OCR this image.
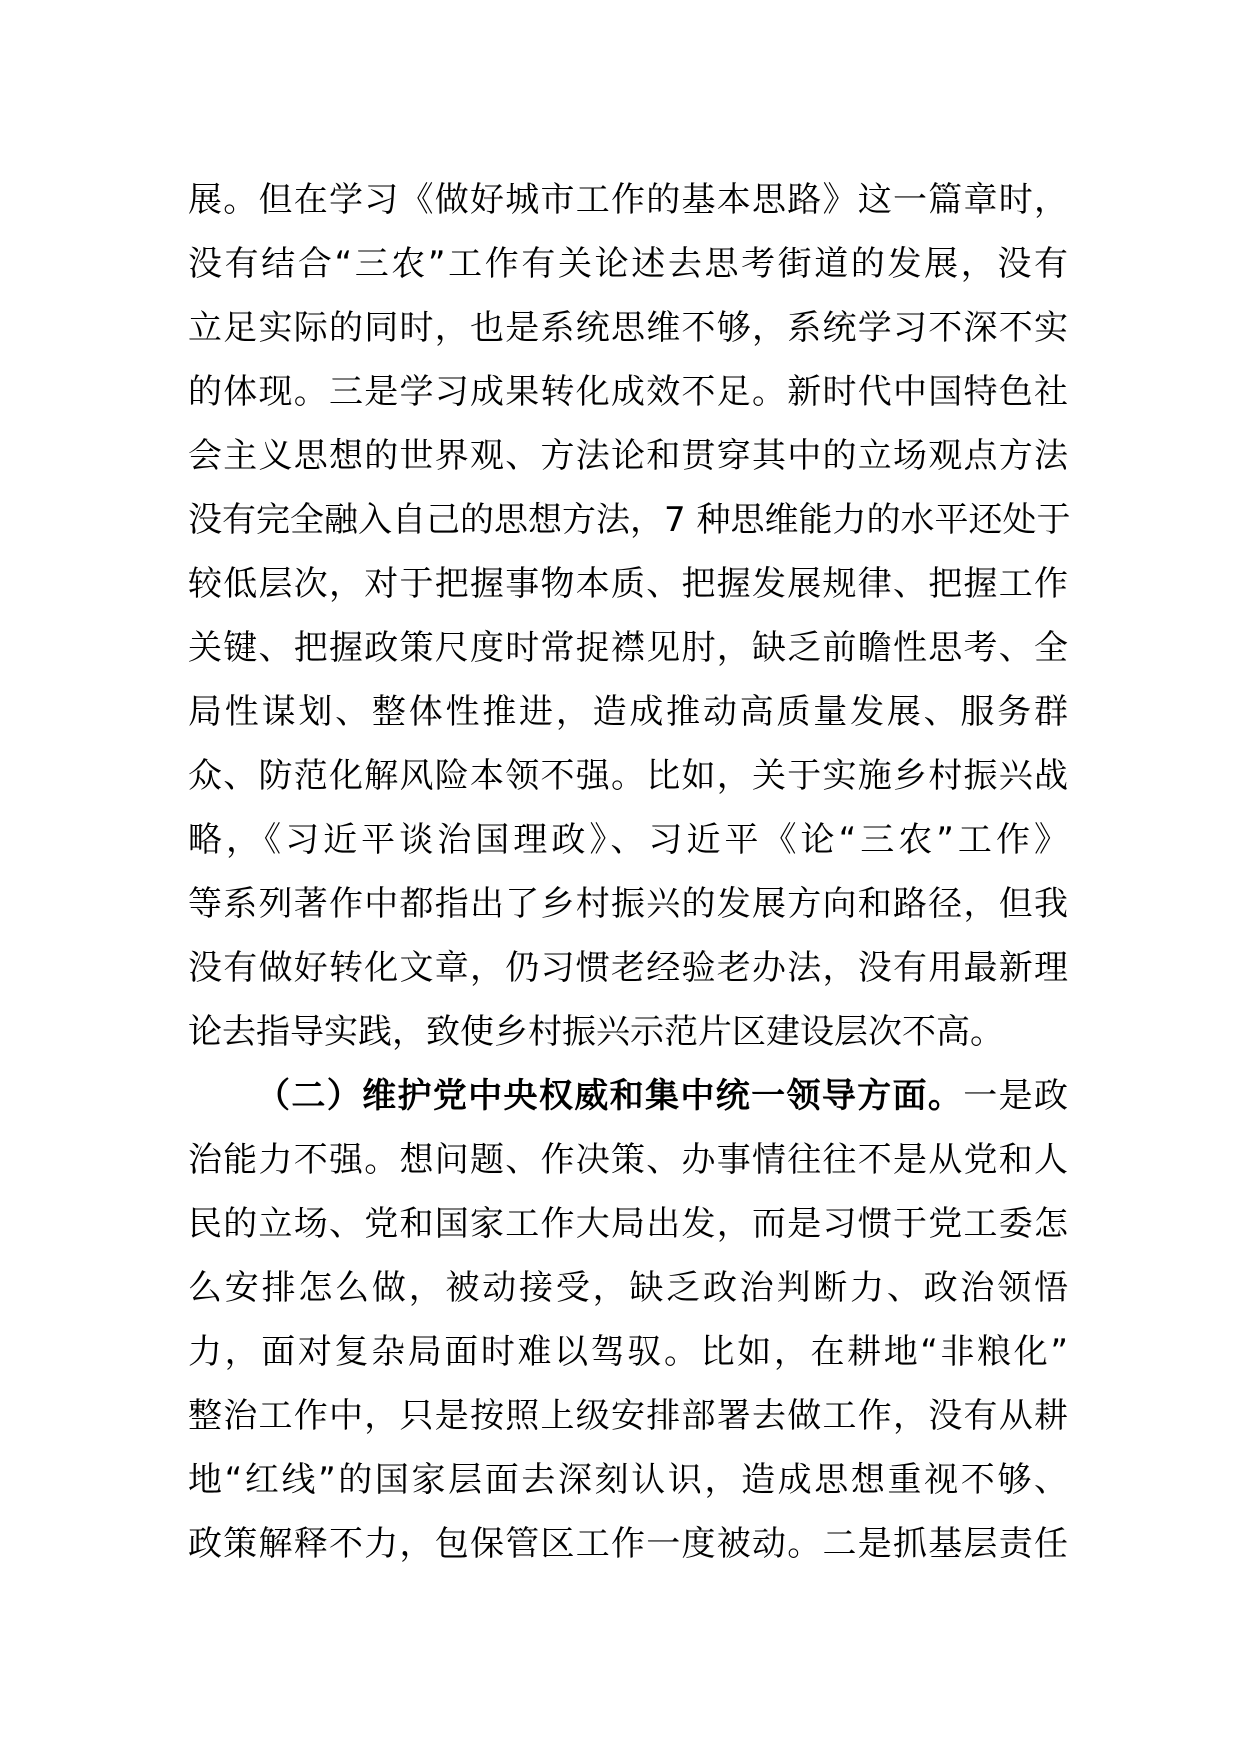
展。但在学习《做好城市工作的基本思路》这一篇章时，
没有结合“三农”工作有关论述去思考街道的发展，没有
立足实际的同时，也是系统思维不够，系统学习不深不实
的体现。三是学习成果转化成效不足。新时代中国特色社
会主义思想的世界观、方法论和贯穿其中的立场观点方法
没有完全融入自己的思想方法，7 种思维能力的水平还处于
较低层次，对于把握事物本质、把握发展规律、把握工作
关键、把握政策尺度时常捉襟见肘，缺乏前瞻性思考、全
局性谋划、整体性推进，造成推动高质量发展、服务群
众、防范化解风险本领不强。比如，关于实施乡村振兴战
略，《习近平谈治国理政》、习近平《论“三农”工作》
等系列著作中都指出了乡村振兴的发展方向和路径，但我
没有做好转化文章，仍习惯老经验老办法，没有用最新理
论去指导实践，致使乡村振兴示范片区建设层次不高。
（二）维护党中央权威和集中统一领导方面。一是政
治能力不强。想问题、作决策、办事情往往不是从党和人
民的立场、党和国家工作大局出发，而是习惯于党工委怎
么安排怎么做，被动接受，缺乏政治判断力、政治领悟
力，面对复杂局面时难以驾驭。比如，在耕地“非粮化”
整治工作中，只是按照上级安排部署去做工作，没有从耕
地“红线”的国家层面去深刻认识，造成思想重视不够、
政策解释不力，包保管区工作一度被动。二是抓基层责任
